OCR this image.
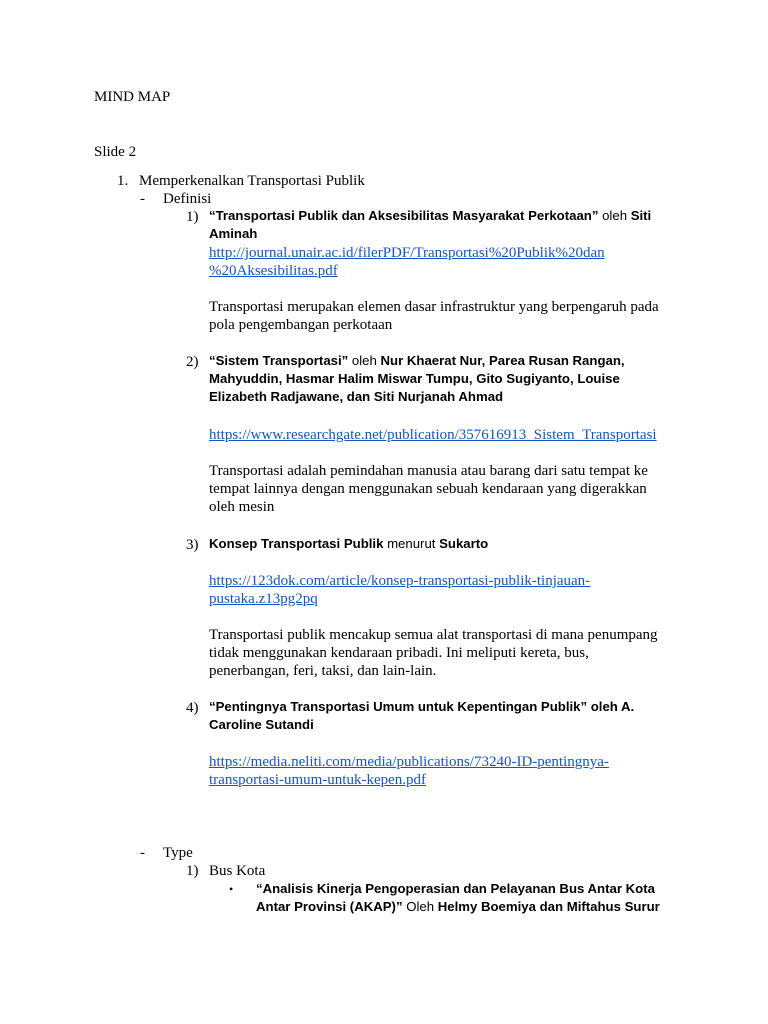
MIND MAP
Slide 2
1. Memperkenalkan Transportasi Publik
- Definisi
1) “Transportasi Publik dan Aksesibilitas Masyarakat Perkotaan” oleh Siti
Aminah
http://journal.unair.ac.id/filerPDF/Transportasi%20Publik%20dan
%20Aksesibilitas.pdf
Transportasi merupakan elemen dasar infrastruktur yang berpengaruh pada
pola pengembangan perkotaan
2) “Sistem Transportasi” oleh Nur Khaerat Nur, Parea Rusan Rangan,
Mahyuddin, Hasmar Halim Miswar Tumpu, Gito Sugiyanto, Louise
Elizabeth Radjawane, dan Siti Nurjanah Ahmad
https://www.researchgate.net/publication/357616913_Sistem_Transportasi
Transportasi adalah pemindahan manusia atau barang dari satu tempat ke
tempat lainnya dengan menggunakan sebuah kendaraan yang digerakkan
oleh mesin
3) Konsep Transportasi Publik menurut Sukarto
https://123dok.com/article/konsep-transportasi-publik-tinjauan-
pustaka.z13pg2pq
Transportasi publik mencakup semua alat transportasi di mana penumpang
tidak menggunakan kendaraan pribadi. Ini meliputi kereta, bus,
penerbangan, feri, taksi, dan lain-lain.
4) “Pentingnya Transportasi Umum untuk Kepentingan Publik” oleh A.
Caroline Sutandi
https://media.neliti.com/media/publications/73240-ID-pentingnya-
transportasi-umum-untuk-kepen.pdf
- Type
1) Bus Kota
• “Analisis Kinerja Pengoperasian dan Pelayanan Bus Antar Kota
Antar Provinsi (AKAP)” Oleh Helmy Boemiya dan Miftahus Surur
